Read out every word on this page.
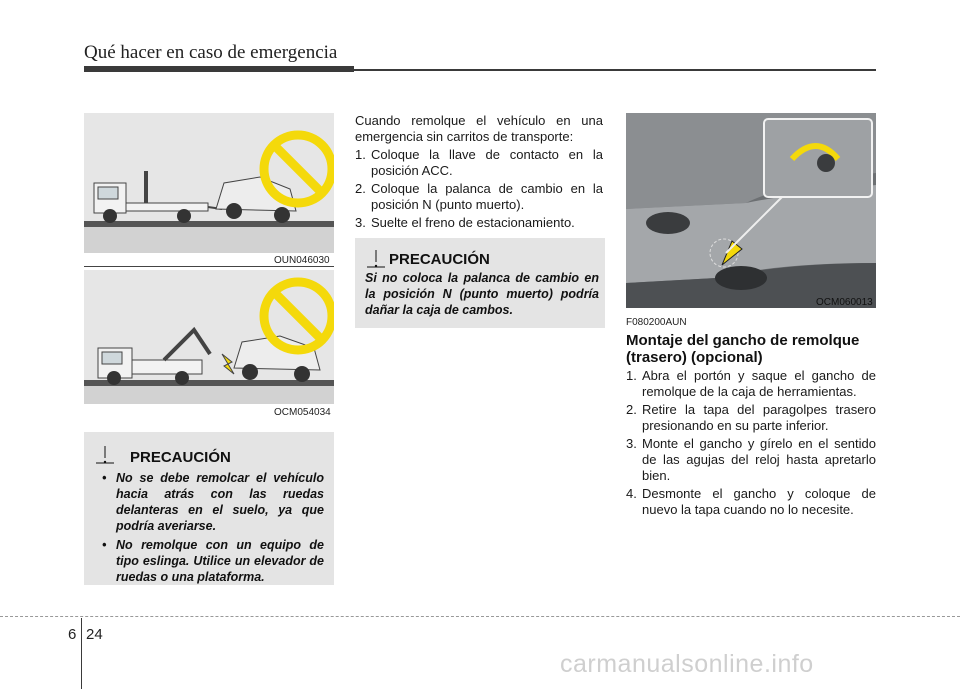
Qué hacer en caso de emergencia
OUN046030
OCM054034
PRECAUCIÓN
• No se debe remolcar el vehículo hacia atrás con las ruedas delanteras en el suelo, ya que podría averiarse.
• No remolque con un equipo de tipo eslinga. Utilice un elevador de ruedas o una plataforma.
Cuando remolque el vehículo en una emergencia sin carritos de transporte:
1. Coloque la llave de contacto en la posición ACC.
2. Coloque la palanca de cambio en la posición N (punto muerto).
3. Suelte el freno de estacionamiento.
PRECAUCIÓN
Si no coloca la palanca de cambio en la posición N (punto muerto) podría dañar la caja de cambos.
OCM060013
F080200AUN
Montaje del gancho de remolque (trasero) (opcional)
1. Abra el portón y saque el gancho de remolque de la caja de herramientas.
2. Retire la tapa del paragolpes trasero presionando en su parte inferior.
3. Monte el gancho y gírelo en el sentido de las agujas del reloj hasta apretarlo bien.
4. Desmonte el gancho y coloque de nuevo la tapa cuando no lo necesite.
6 24
carmanualsonline.info
